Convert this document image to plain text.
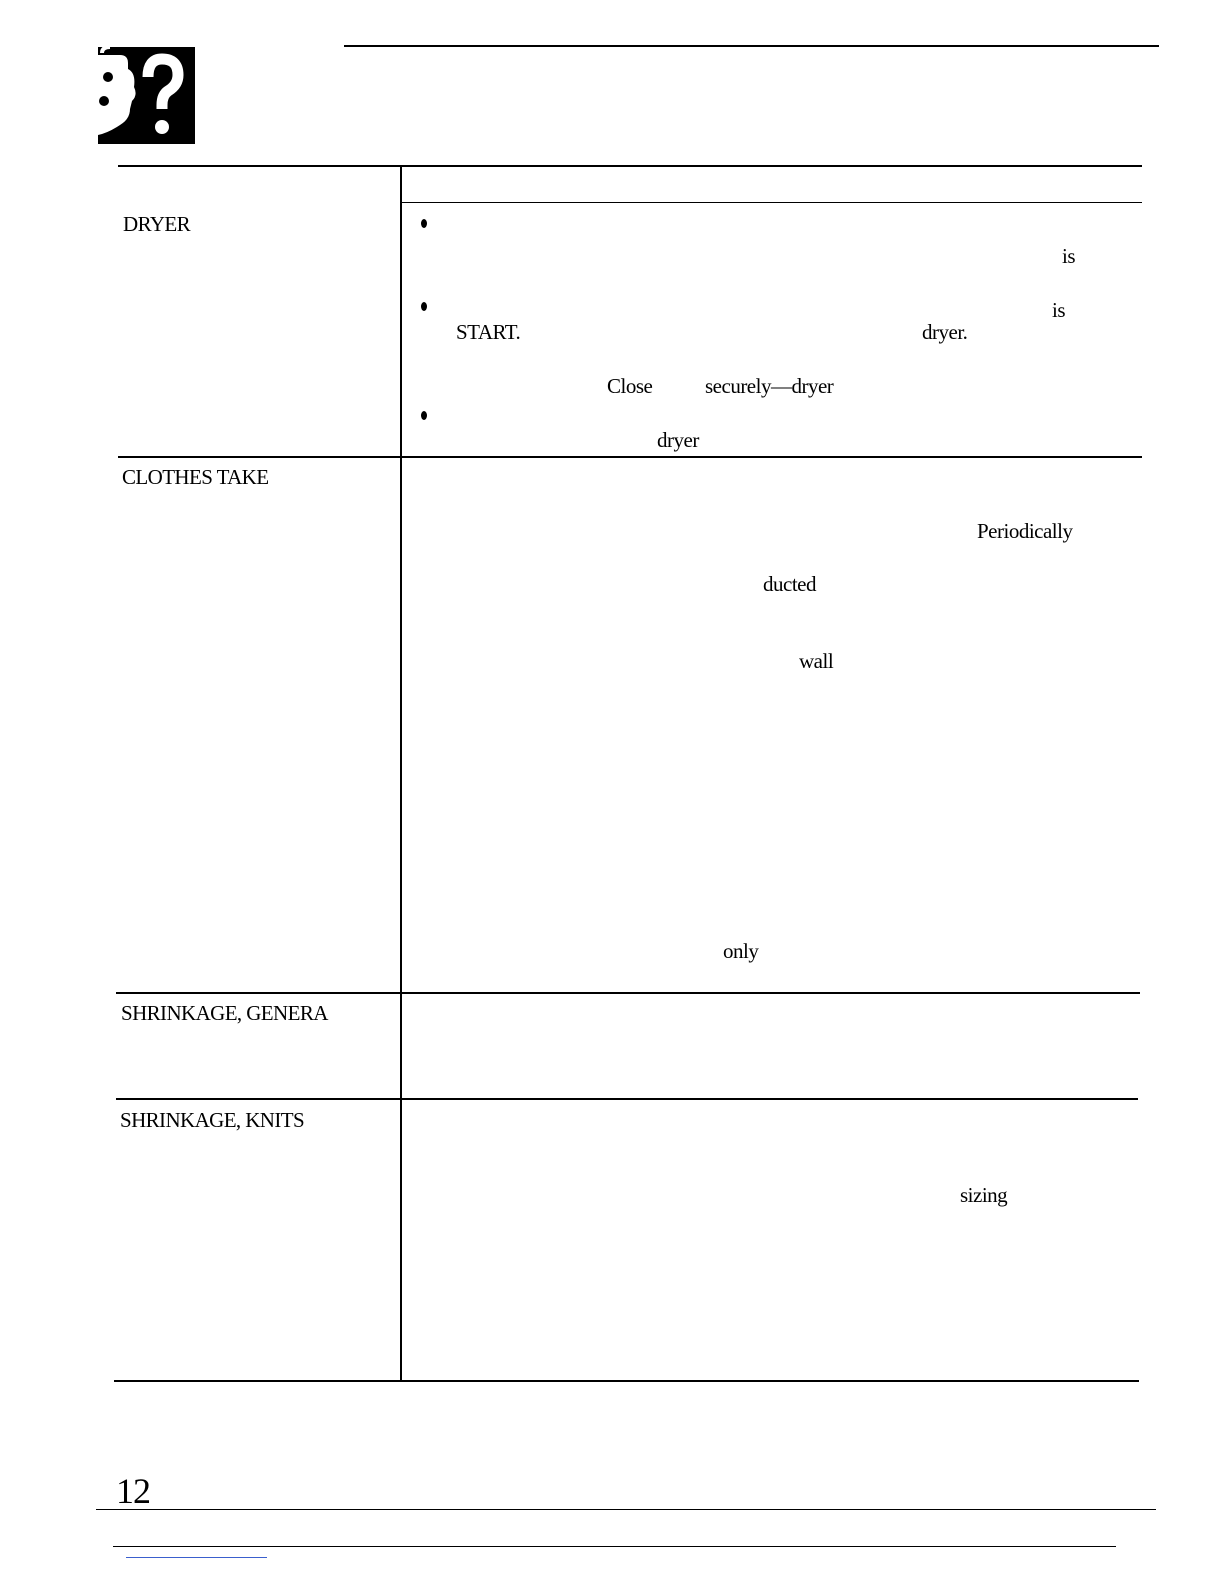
DRYER
is
is
START.	dryer.
Close	securely—dryer
dryer
CLOTHES TAKE
Periodically
ducted
wall
only
SHRINKAGE, GENERA
SHRINKAGE, KNITS
sizing
12
